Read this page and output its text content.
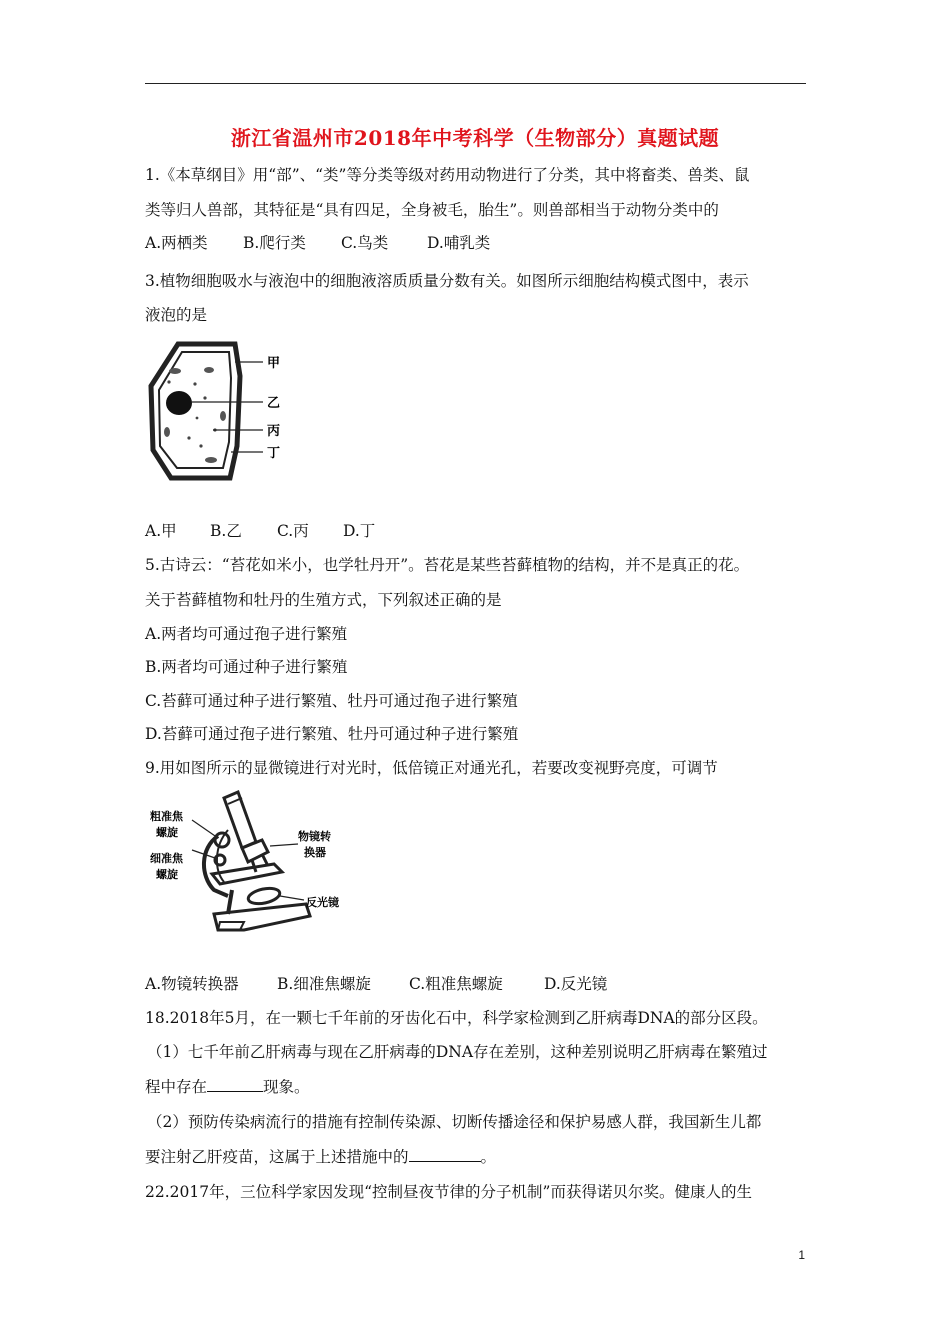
浙江省温州市2018年中考科学（生物部分）真题试题
1.《本草纲目》用“部”、“类”等分类等级对药用动物进行了分类，其中将畜类、兽类、鼠
类等归人兽部，其特征是“具有四足，全身被毛，胎生”。则兽部相当于动物分类中的
A.两栖类 B.爬行类 C.鸟类	D.哺乳类
3.植物细胞吸水与液泡中的细胞液溶质质量分数有关。如图所示细胞结构模式图中，表示
液泡的是
甲
乙
丙
丁
A.甲 B.乙 C.丙 D.丁
5.古诗云：“苔花如米小，也学牡丹开”。苔花是某些苔藓植物的结构，并不是真正的花。
关于苔藓植物和牡丹的生殖方式，下列叙述正确的是
A.两者均可通过孢子进行繁殖
B.两者均可通过种子进行繁殖
C.苔藓可通过种子进行繁殖、牡丹可通过孢子进行繁殖
D.苔藓可通过孢子进行繁殖、牡丹可通过种子进行繁殖
9.用如图所示的显微镜进行对光时，低倍镜正对通光孔，若要改变视野亮度，可调节
粗准焦
螺旋
细准焦
螺旋
物镜转
换器
反光镜
A.物镜转换器 B.细准焦螺旋 C.粗准焦螺旋	D.反光镜
18.2018年5月，在一颗七千年前的牙齿化石中，科学家检测到乙肝病毒DNA的部分区段。
（1）七千年前乙肝病毒与现在乙肝病毒的DNA存在差别，这种差别说明乙肝病毒在繁殖过
程中存在	现象。
（2）预防传染病流行的措施有控制传染源、切断传播途径和保护易感人群，我国新生儿都
要注射乙肝疫苗，这属于上述措施中的	。
22.2017年，三位科学家因发现“控制昼夜节律的分子机制”而获得诺贝尔奖。健康人的生
1
